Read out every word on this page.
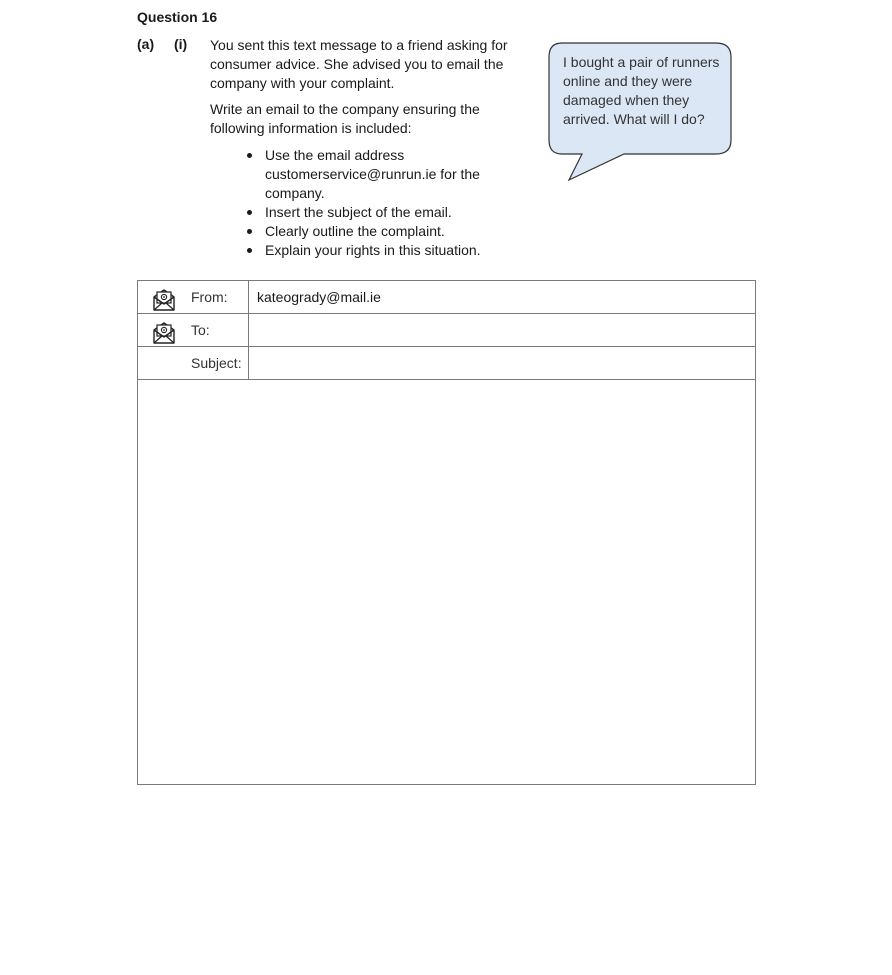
Question 16
(a) (i) You sent this text message to a friend asking for consumer advice. She advised you to email the company with your complaint.
Write an email to the company ensuring the following information is included:
Use the email address customerservice@runrun.ie for the company.
Insert the subject of the email.
Clearly outline the complaint.
Explain your rights in this situation.
I bought a pair of runners online and they were damaged when they arrived. What will I do?
From:	kateogrady@mail.ie
To:
Subject:
